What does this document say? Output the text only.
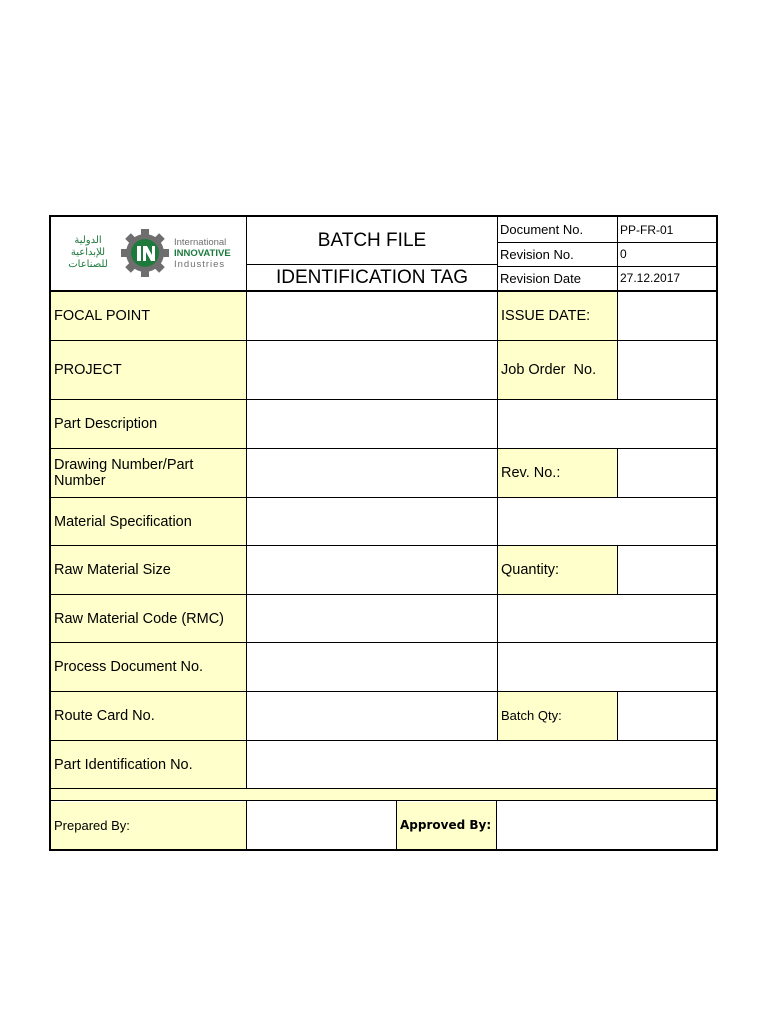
الدولية للإبداعية للصناعات
International
INNOVATIVE
Industries
BATCH FILE
IDENTIFICATION TAG
Document No.	PP-FR-01
Revision No.	0
Revision Date	27.12.2017
FOCAL POINT	ISSUE DATE:
PROJECT	Job Order  No.
Part Description
Drawing Number/Part Number	Rev. No.:
Material Specification
Raw Material Size	Quantity:
Raw Material Code (RMC)
Process Document No.
Route Card No.	Batch Qty:
Part Identification No.
Prepared By:	Approved By:
